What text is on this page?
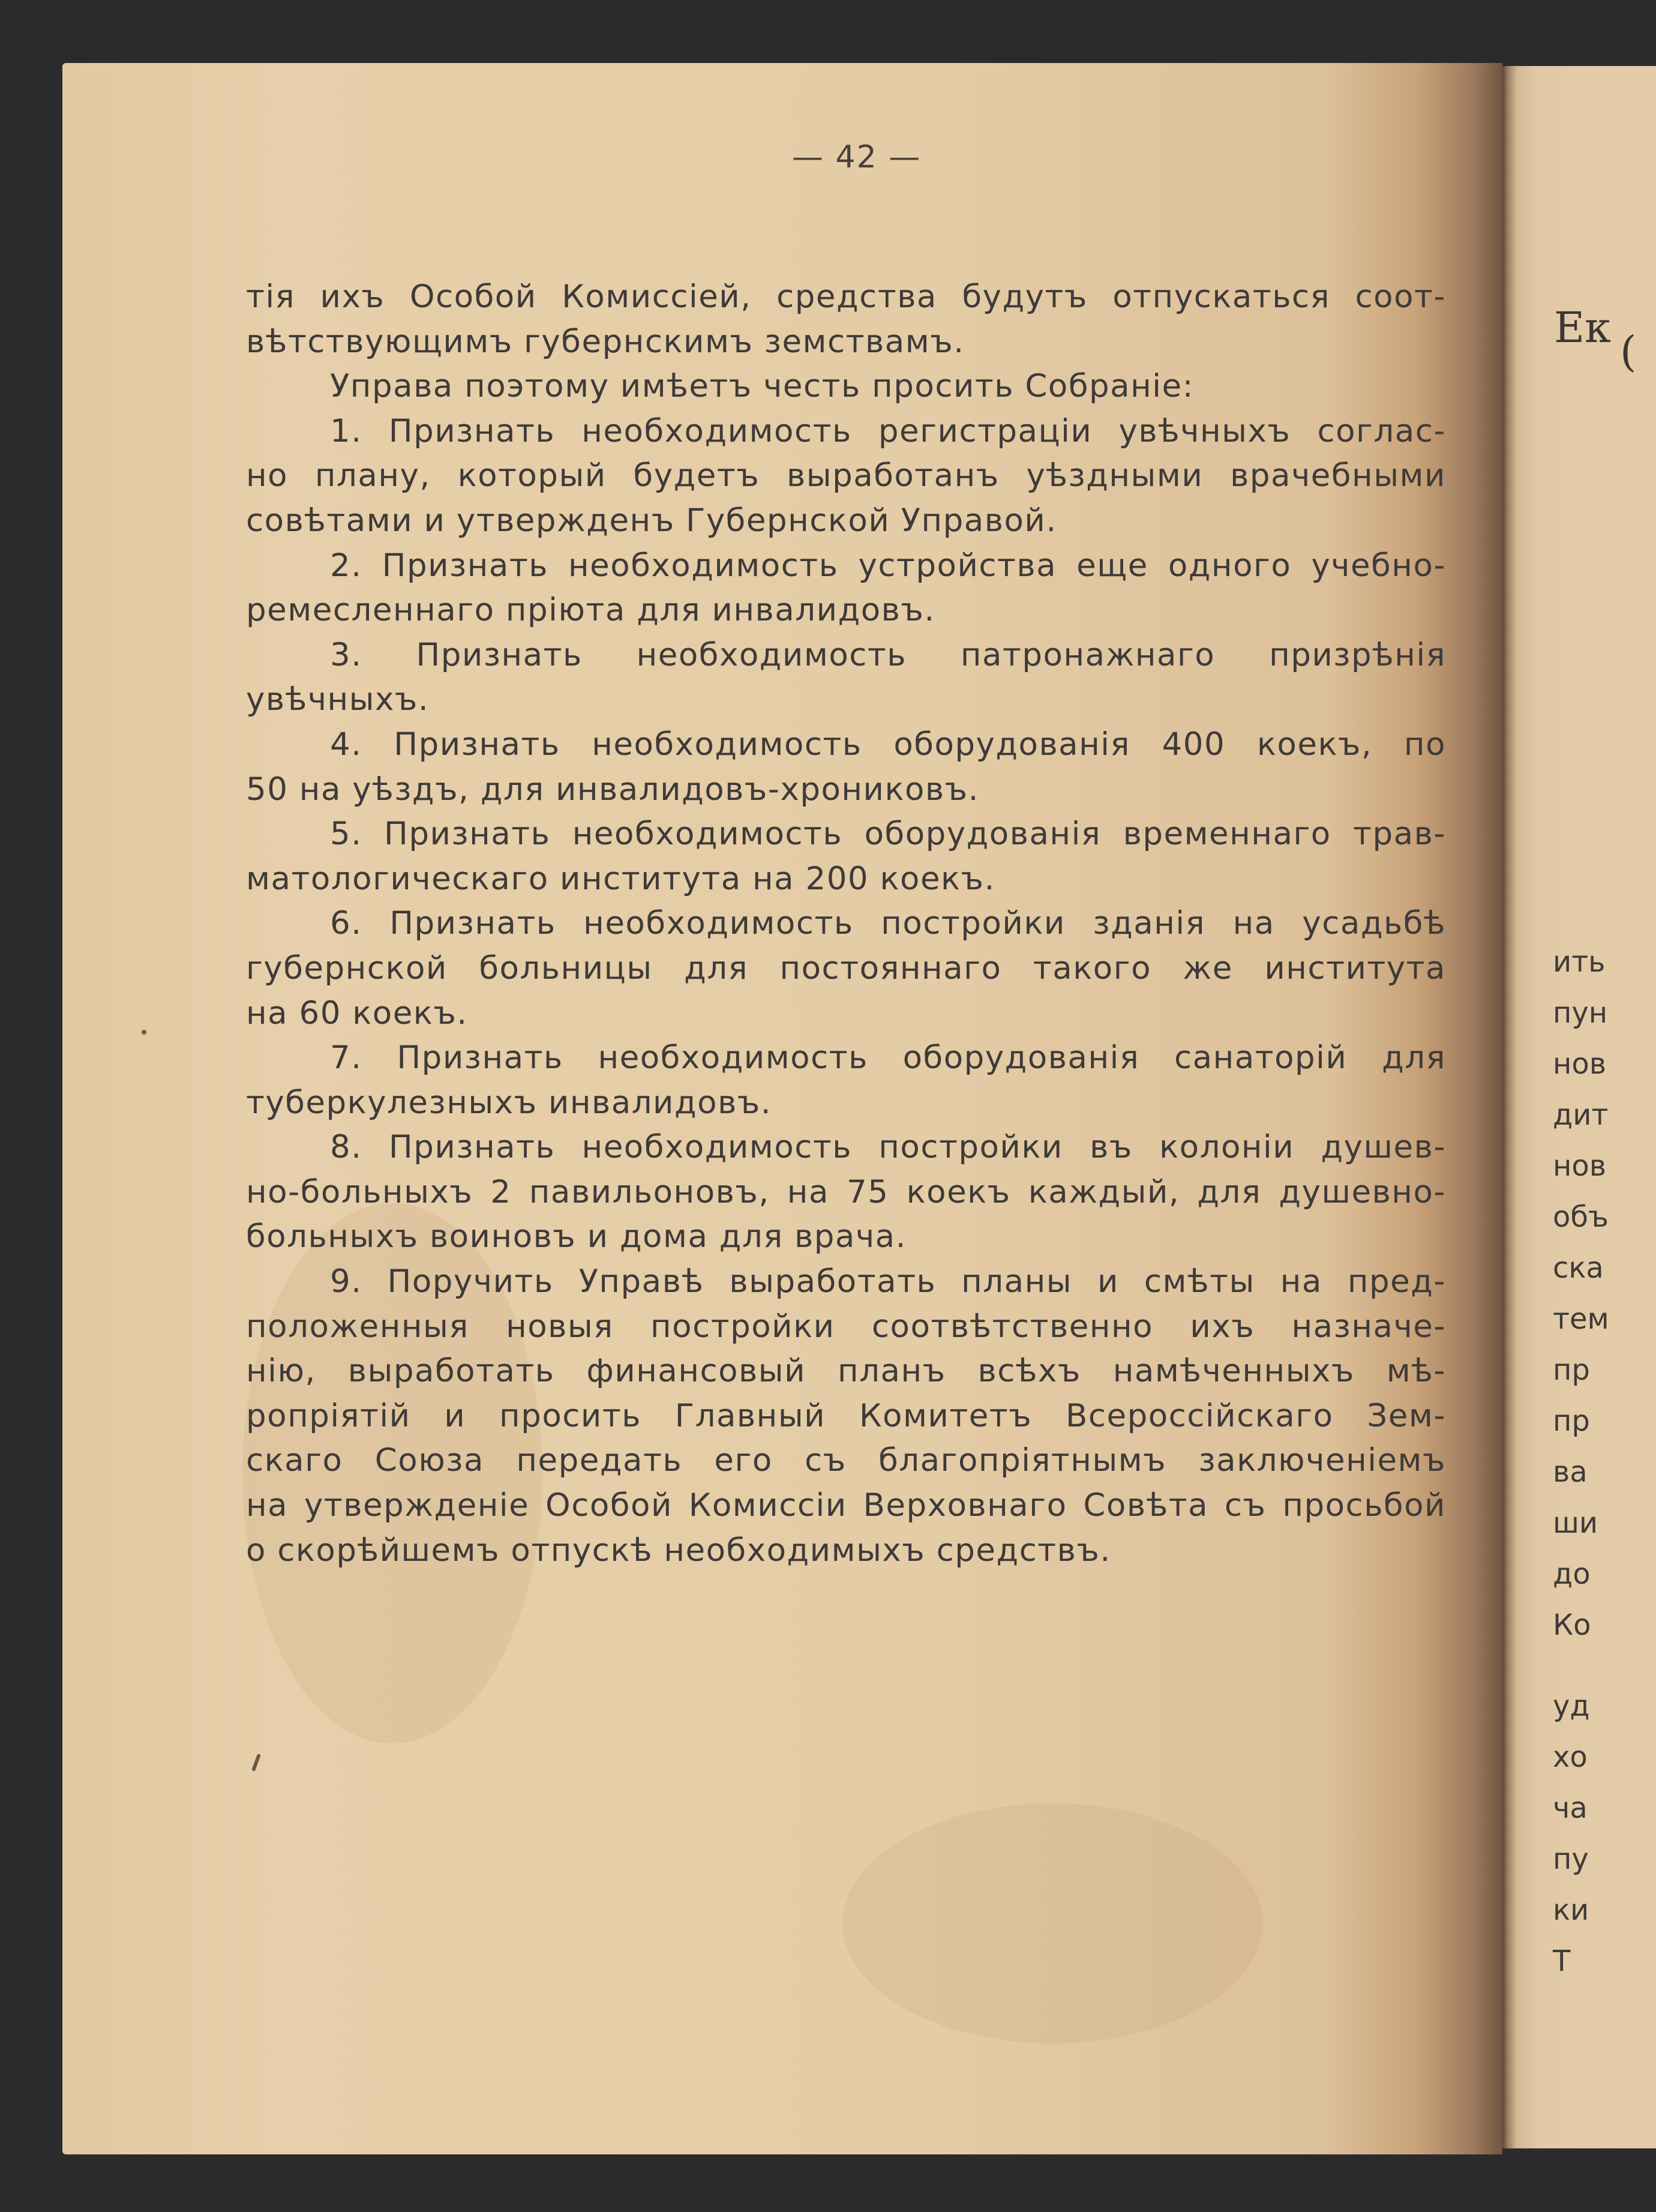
— 42 —
тія ихъ Особой Комиссіей, средства будутъ отпускаться соот-
вѣтствующимъ губернскимъ земствамъ.
Управа поэтому имѣетъ честь просить Собраніе:
1. Признать необходимость регистраціи увѣчныхъ соглас-
но плану, который будетъ выработанъ уѣздными врачебными
совѣтами и утвержденъ Губернской Управой.
2. Признать необходимость устройства еще одного учебно-
ремесленнаго пріюта для инвалидовъ.
3. Признать необходимость патронажнаго призрѣнія
увѣчныхъ.
4. Признать необходимость оборудованія 400 коекъ, по
50 на уѣздъ, для инвалидовъ-хрониковъ.
5. Признать необходимость оборудованія временнаго трав-
матологическаго института на 200 коекъ.
6. Признать необходимость постройки зданія на усадьбѣ
губернской больницы для постояннаго такого же института
на 60 коекъ.
7. Признать необходимость оборудованія санаторій для
туберкулезныхъ инвалидовъ.
8. Признать необходимость постройки въ колоніи душев-
но-больныхъ 2 павильоновъ, на 75 коекъ каждый, для душевно-
больныхъ воиновъ и дома для врача.
9. Поручить Управѣ выработать планы и смѣты на пред-
положенныя новыя постройки соотвѣтственно ихъ назначе-
нію, выработать финансовый планъ всѣхъ намѣченныхъ мѣ-
ропріятій и просить Главный Комитетъ Всероссійскаго Зем-
скаго Союза передать его съ благопріятнымъ заключеніемъ
на утвержденіе Особой Комиссіи Верховнаго Совѣта съ просьбой
о скорѣйшемъ отпускѣ необходимыхъ средствъ.
Ек (
ить
пун
нов
дит
нов
объ
ска
тем
пр
пр
ва
ши
до
Ко
уд
хо
ча
пу
ки
Т
